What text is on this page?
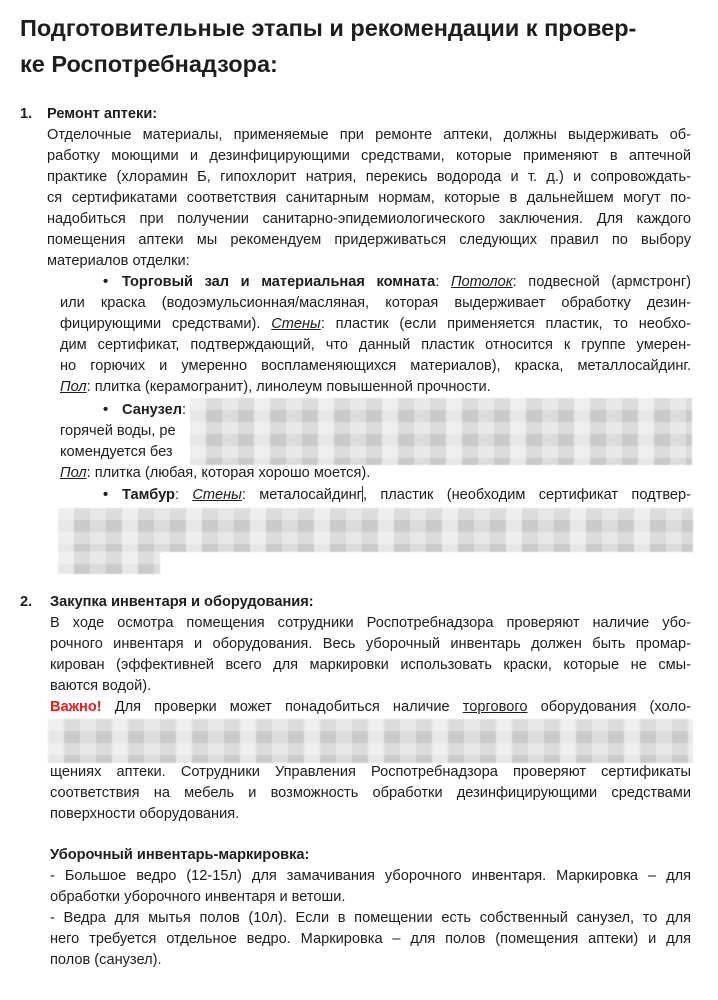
Подготовительные этапы и рекомендации к провер-
ке Роспотребнадзора:
1. Ремонт аптеки:
Отделочные материалы, применяемые при ремонте аптеки, должны выдерживать об-
работку моющими и дезинфицирующими средствами, которые применяют в аптечной
практике (хлорамин Б, гипохлорит натрия, перекись водорода и т. д.) и сопровождать-
ся сертификатами соответствия санитарным нормам, которые в дальнейшем могут по-
надобиться при получении санитарно-эпидемиологического заключения. Для каждого
помещения аптеки мы рекомендуем придерживаться следующих правил по выбору
материалов отделки:
• Торговый зал и материальная комната: Потолок: подвесной (армстронг)
или краска (водоэмульсионная/масляная, которая выдерживает обработку дезин-
фицирующими средствами). Стены: пластик (если применяется пластик, то необхо-
дим сертификат, подтверждающий, что данный пластик относится к группе умерен-
но горючих и умеренно воспламеняющихся материалов), краска, металлосайдинг.
Пол: плитка (керамогранит), линолеум повышенной прочности.
• Санузел:
горячей воды, ре
комендуется без
Пол: плитка (любая, которая хорошо моется).
• Тамбур: Стены: металосайдинг, пластик (необходим сертификат подтвер-
2. Закупка инвентаря и оборудования:
В ходе осмотра помещения сотрудники Роспотребнадзора проверяют наличие убо-
рочного инвентаря и оборудования. Весь уборочный инвентарь должен быть промар-
кирован (эффективней всего для маркировки использовать краски, которые не смы-
ваются водой).
Важно! Для проверки может понадобиться наличие торгового оборудования (холо-
щениях аптеки. Сотрудники Управления Роспотребнадзора проверяют сертификаты
соответствия на мебель и возможность обработки дезинфицирующими средствами
поверхности оборудования.
Уборочный инвентарь-маркировка:
- Большое ведро (12-15л) для замачивания уборочного инвентаря. Маркировка – для
обработки уборочного инвентаря и ветоши.
- Ведра для мытья полов (10л). Если в помещении есть собственный санузел, то для
него требуется отдельное ведро. Маркировка – для полов (помещения аптеки) и для
полов (санузел).
